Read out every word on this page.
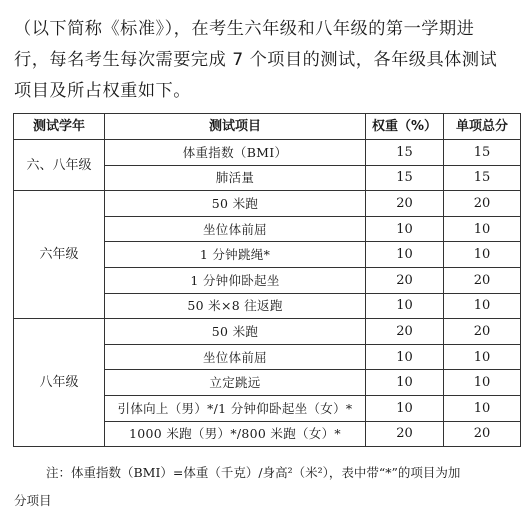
（以下简称《标准》），在考生六年级和八年级的第一学期进
行，每名考生每次需要完成 7 个项目的测试，各年级具体测试
项目及所占权重如下。
测试学年	测试项目	权重（%）	单项总分
六、八年级	体重指数（BMI）	15	15
	肺活量	15	15
六年级	50 米跑	20	20
	坐位体前屈	10	10
	1 分钟跳绳*	10	10
	1 分钟仰卧起坐	20	20
	50 米×8 往返跑	10	10
八年级	50 米跑	20	20
	坐位体前屈	10	10
	立定跳远	10	10
	引体向上（男）*/1 分钟仰卧起坐（女）*	10	10
	1000 米跑（男）*/800 米跑（女）*	20	20
注：体重指数（BMI）=体重（千克）/身高²（米²），表中带“*”的项目为加
分项目
